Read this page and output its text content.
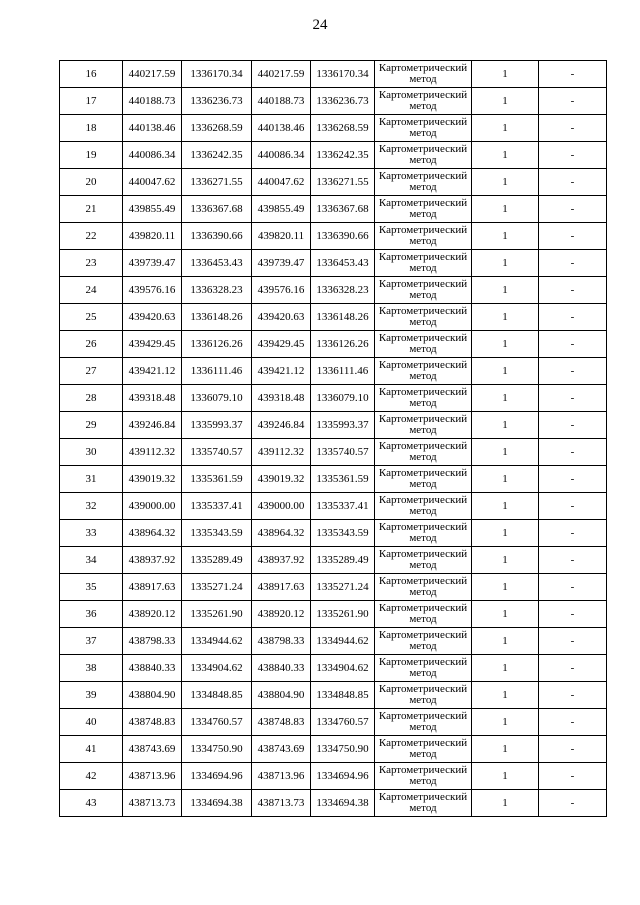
24
16	440217.59	1336170.34	440217.59	1336170.34	Картометрический метод	1	-
17	440188.73	1336236.73	440188.73	1336236.73	Картометрический метод	1	-
18	440138.46	1336268.59	440138.46	1336268.59	Картометрический метод	1	-
19	440086.34	1336242.35	440086.34	1336242.35	Картометрический метод	1	-
20	440047.62	1336271.55	440047.62	1336271.55	Картометрический метод	1	-
21	439855.49	1336367.68	439855.49	1336367.68	Картометрический метод	1	-
22	439820.11	1336390.66	439820.11	1336390.66	Картометрический метод	1	-
23	439739.47	1336453.43	439739.47	1336453.43	Картометрический метод	1	-
24	439576.16	1336328.23	439576.16	1336328.23	Картометрический метод	1	-
25	439420.63	1336148.26	439420.63	1336148.26	Картометрический метод	1	-
26	439429.45	1336126.26	439429.45	1336126.26	Картометрический метод	1	-
27	439421.12	1336111.46	439421.12	1336111.46	Картометрический метод	1	-
28	439318.48	1336079.10	439318.48	1336079.10	Картометрический метод	1	-
29	439246.84	1335993.37	439246.84	1335993.37	Картометрический метод	1	-
30	439112.32	1335740.57	439112.32	1335740.57	Картометрический метод	1	-
31	439019.32	1335361.59	439019.32	1335361.59	Картометрический метод	1	-
32	439000.00	1335337.41	439000.00	1335337.41	Картометрический метод	1	-
33	438964.32	1335343.59	438964.32	1335343.59	Картометрический метод	1	-
34	438937.92	1335289.49	438937.92	1335289.49	Картометрический метод	1	-
35	438917.63	1335271.24	438917.63	1335271.24	Картометрический метод	1	-
36	438920.12	1335261.90	438920.12	1335261.90	Картометрический метод	1	-
37	438798.33	1334944.62	438798.33	1334944.62	Картометрический метод	1	-
38	438840.33	1334904.62	438840.33	1334904.62	Картометрический метод	1	-
39	438804.90	1334848.85	438804.90	1334848.85	Картометрический метод	1	-
40	438748.83	1334760.57	438748.83	1334760.57	Картометрический метод	1	-
41	438743.69	1334750.90	438743.69	1334750.90	Картометрический метод	1	-
42	438713.96	1334694.96	438713.96	1334694.96	Картометрический метод	1	-
43	438713.73	1334694.38	438713.73	1334694.38	Картометрический метод	1	-
